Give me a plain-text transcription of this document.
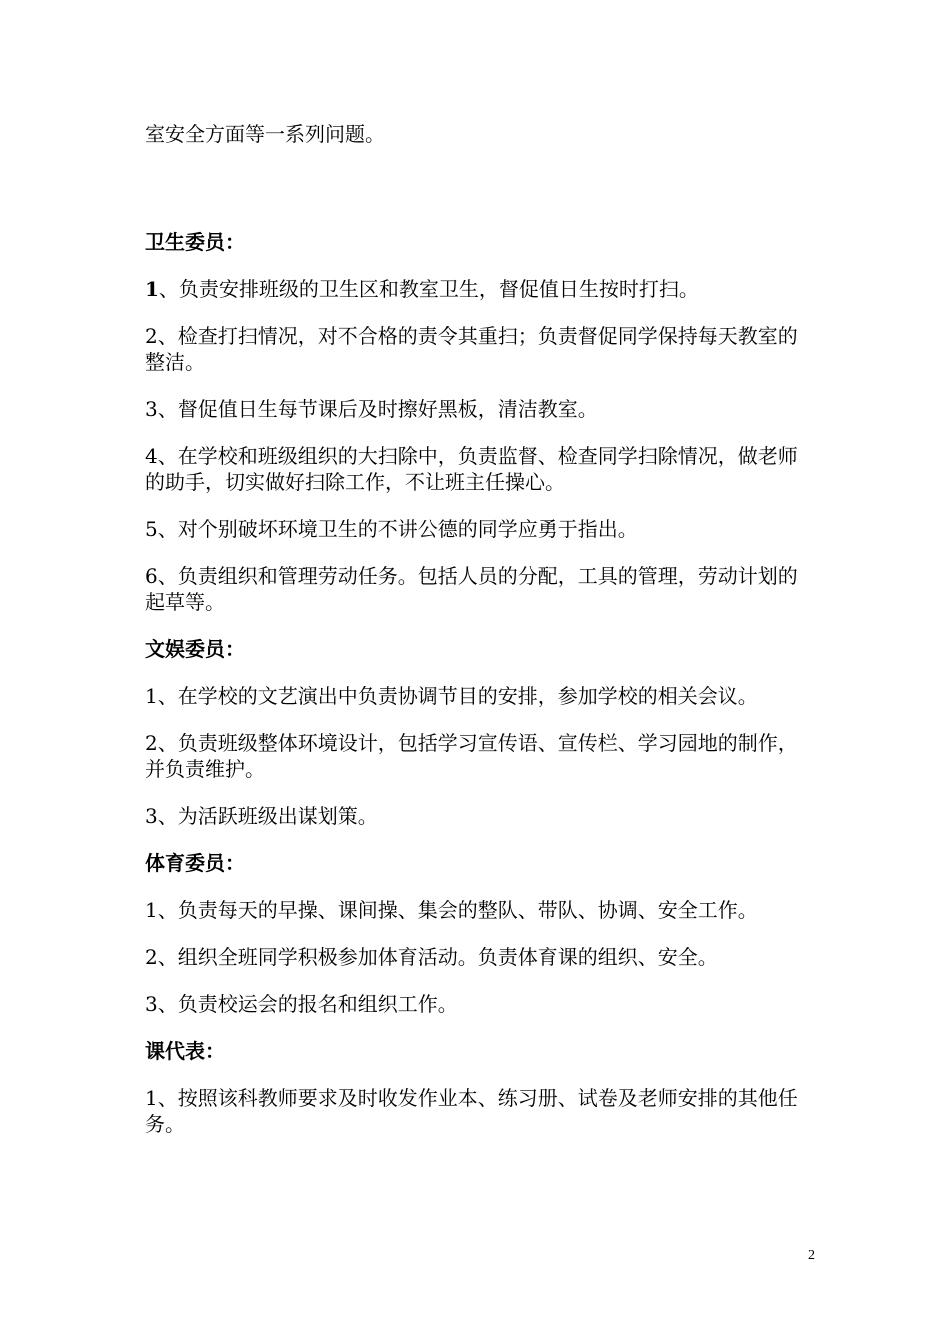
室安全方面等一系列问题。

卫生委员：

1、负责安排班级的卫生区和教室卫生，督促值日生按时打扫。

2、检查打扫情况，对不合格的责令其重扫；负责督促同学保持每天教室的整洁。

3、督促值日生每节课后及时擦好黑板，清洁教室。

4、在学校和班级组织的大扫除中，负责监督、检查同学扫除情况，做老师的助手，切实做好扫除工作，不让班主任操心。

5、对个别破坏环境卫生的不讲公德的同学应勇于指出。

6、负责组织和管理劳动任务。包括人员的分配，工具的管理，劳动计划的起草等。

文娱委员：

1、在学校的文艺演出中负责协调节目的安排，参加学校的相关会议。

2、负责班级整体环境设计，包括学习宣传语、宣传栏、学习园地的制作，并负责维护。

3、为活跃班级出谋划策。

体育委员：

1、负责每天的早操、课间操、集会的整队、带队、协调、安全工作。

2、组织全班同学积极参加体育活动。负责体育课的组织、安全。

3、负责校运会的报名和组织工作。

课代表：

1、按照该科教师要求及时收发作业本、练习册、试卷及老师安排的其他任务。

2
